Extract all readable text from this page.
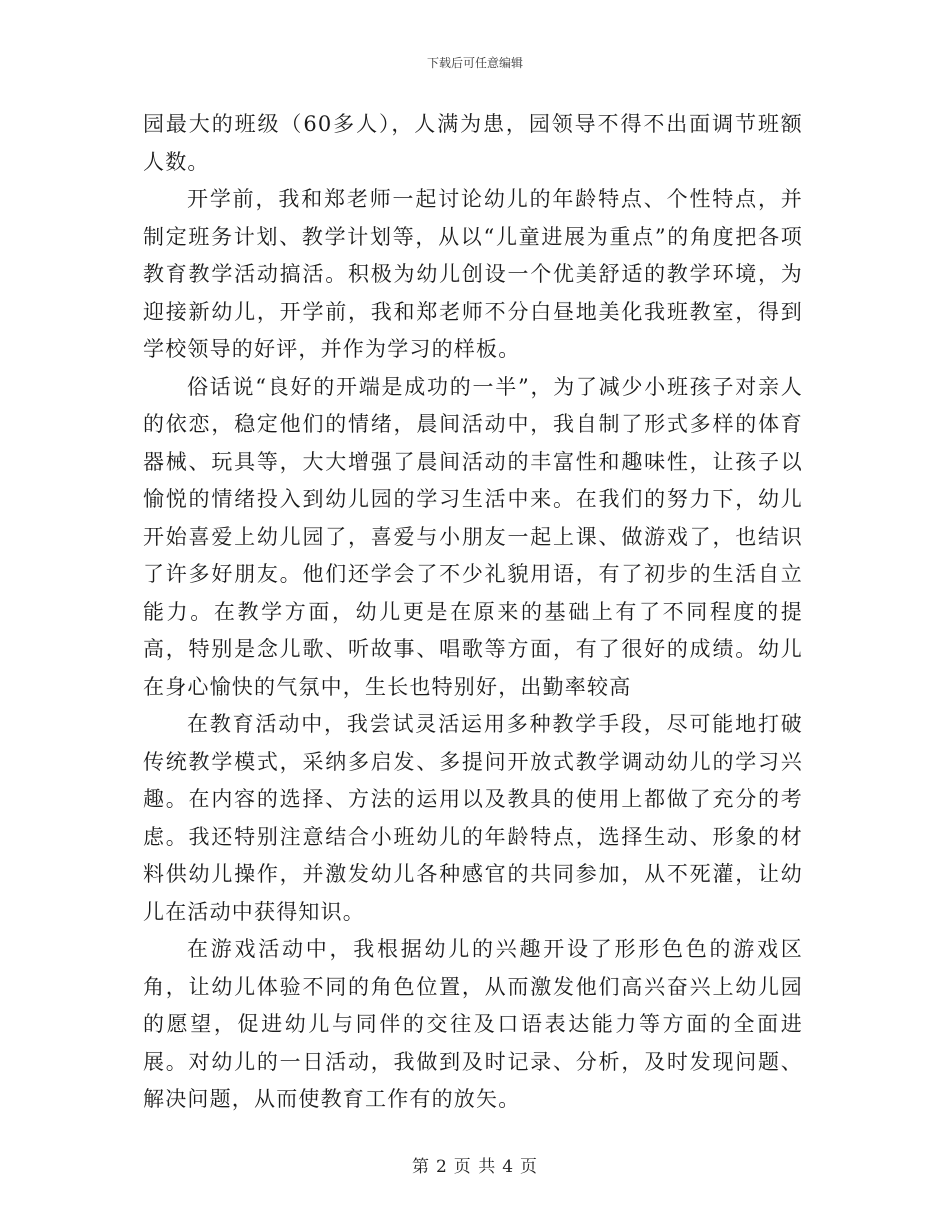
下载后可任意编辑

园最大的班级（60多人），人满为患，园领导不得不出面调节班额人数。

开学前，我和郑老师一起讨论幼儿的年龄特点、个性特点，并制定班务计划、教学计划等，从以“儿童进展为重点”的角度把各项教育教学活动搞活。积极为幼儿创设一个优美舒适的教学环境，为迎接新幼儿，开学前，我和郑老师不分白昼地美化我班教室，得到学校领导的好评，并作为学习的样板。

俗话说“良好的开端是成功的一半”，为了减少小班孩子对亲人的依恋，稳定他们的情绪，晨间活动中，我自制了形式多样的体育器械、玩具等，大大增强了晨间活动的丰富性和趣味性，让孩子以愉悦的情绪投入到幼儿园的学习生活中来。在我们的努力下，幼儿开始喜爱上幼儿园了，喜爱与小朋友一起上课、做游戏了，也结识了许多好朋友。他们还学会了不少礼貌用语，有了初步的生活自立能力。在教学方面，幼儿更是在原来的基础上有了不同程度的提高，特别是念儿歌、听故事、唱歌等方面，有了很好的成绩。幼儿在身心愉快的气氛中，生长也特别好，出勤率较高

在教育活动中，我尝试灵活运用多种教学手段，尽可能地打破传统教学模式，采纳多启发、多提问开放式教学调动幼儿的学习兴趣。在内容的选择、方法的运用以及教具的使用上都做了充分的考虑。我还特别注意结合小班幼儿的年龄特点，选择生动、形象的材料供幼儿操作，并激发幼儿各种感官的共同参加，从不死灌，让幼儿在活动中获得知识。

在游戏活动中，我根据幼儿的兴趣开设了形形色色的游戏区角，让幼儿体验不同的角色位置，从而激发他们高兴奋兴上幼儿园的愿望，促进幼儿与同伴的交往及口语表达能力等方面的全面进展。对幼儿的一日活动，我做到及时记录、分析，及时发现问题、解决问题，从而使教育工作有的放矢。

第 2 页 共 4 页
